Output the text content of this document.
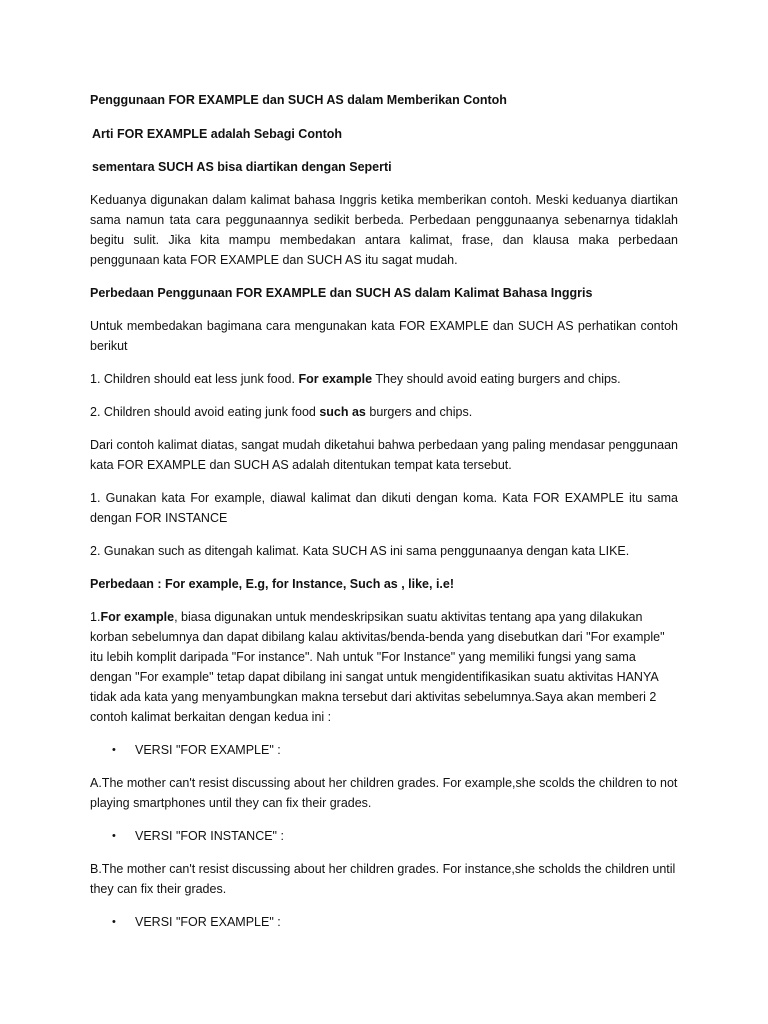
Penggunaan FOR EXAMPLE dan SUCH AS dalam Memberikan Contoh

Arti FOR EXAMPLE adalah Sebagi Contoh

sementara SUCH AS bisa diartikan dengan Seperti

Keduanya digunakan dalam kalimat bahasa Inggris ketika memberikan contoh. Meski keduanya diartikan sama namun tata cara peggunaannya sedikit berbeda. Perbedaan penggunaanya sebenarnya tidaklah begitu sulit. Jika kita mampu membedakan antara kalimat, frase, dan klausa maka perbedaan penggunaan kata FOR EXAMPLE dan SUCH AS itu sagat mudah.

Perbedaan Penggunaan FOR EXAMPLE dan SUCH AS dalam Kalimat Bahasa Inggris

Untuk membedakan bagimana cara mengunakan kata FOR EXAMPLE dan SUCH AS perhatikan contoh berikut

1. Children should eat less junk food. For example They should avoid eating burgers and chips.

2. Children should avoid eating junk food such as burgers and chips.

Dari contoh kalimat diatas, sangat mudah diketahui bahwa perbedaan yang paling mendasar penggunaan kata FOR EXAMPLE dan SUCH AS adalah ditentukan tempat kata tersebut.

1. Gunakan kata For example, diawal kalimat dan dikuti dengan koma. Kata FOR EXAMPLE itu sama dengan FOR INSTANCE

2. Gunakan such as ditengah kalimat. Kata SUCH AS ini sama penggunaanya dengan kata LIKE.

Perbedaan : For example, E.g, for Instance, Such as , like, i.e!

1.For example, biasa digunakan untuk mendeskripsikan suatu aktivitas tentang apa yang dilakukan korban sebelumnya dan dapat dibilang kalau aktivitas/benda-benda yang disebutkan dari "For example" itu lebih komplit daripada "For instance". Nah untuk "For Instance" yang memiliki fungsi yang sama dengan "For example" tetap dapat dibilang ini sangat untuk mengidentifikasikan suatu aktivitas HANYA tidak ada kata yang menyambungkan makna tersebut dari aktivitas sebelumnya.Saya akan memberi 2 contoh kalimat berkaitan dengan kedua ini :

•	VERSI "FOR EXAMPLE" :

A.The mother can't resist discussing about her children grades. For example,she scolds the children to not playing smartphones until they can fix their grades.

•	VERSI "FOR INSTANCE" :

B.The mother can't resist discussing about her children grades. For instance,she scholds the children until they can fix their grades.

•	VERSI "FOR EXAMPLE" :
